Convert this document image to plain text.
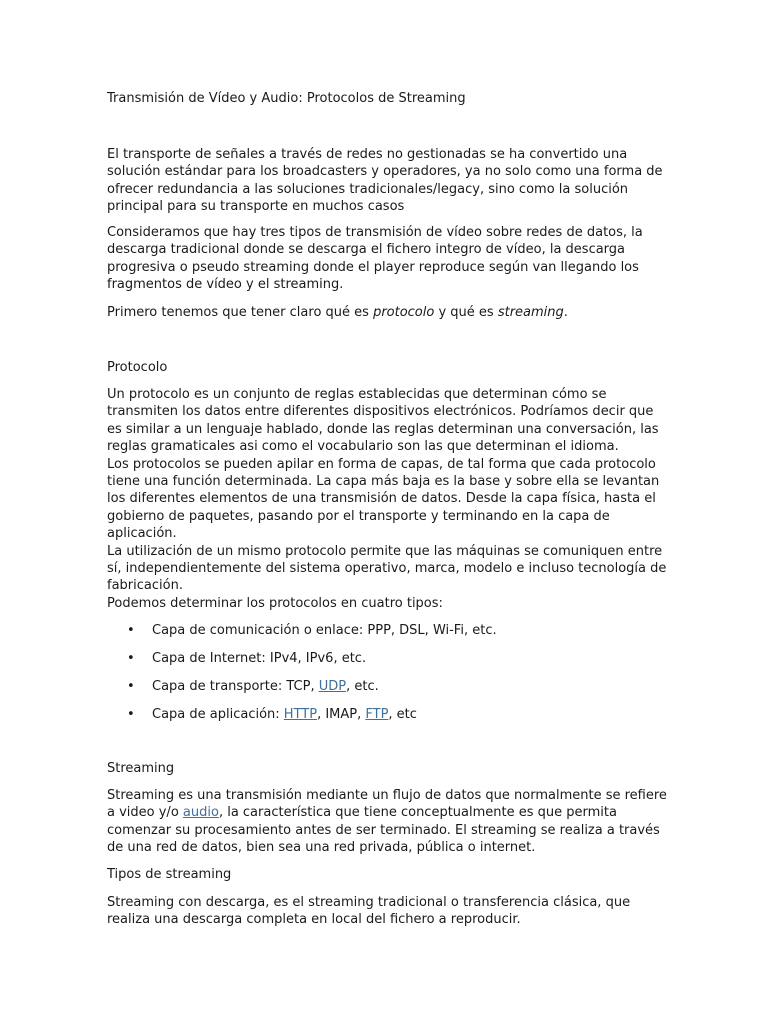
Transmisión de Vídeo y Audio: Protocolos de Streaming

El transporte de señales a través de redes no gestionadas se ha convertido una solución estándar para los broadcasters y operadores, ya no solo como una forma de ofrecer redundancia a las soluciones tradicionales/legacy, sino como la solución principal para su transporte en muchos casos

Consideramos que hay tres tipos de transmisión de vídeo sobre redes de datos, la descarga tradicional donde se descarga el fichero integro de vídeo, la descarga progresiva o pseudo streaming donde el player reproduce según van llegando los fragmentos de vídeo y el streaming.

Primero tenemos que tener claro qué es protocolo y qué es streaming.

Protocolo

Un protocolo es un conjunto de reglas establecidas que determinan cómo se transmiten los datos entre diferentes dispositivos electrónicos. Podríamos decir que es similar a un lenguaje hablado, donde las reglas determinan una conversación, las reglas gramaticales asi como el vocabulario son las que determinan el idioma.
Los protocolos se pueden apilar en forma de capas, de tal forma que cada protocolo tiene una función determinada. La capa más baja es la base y sobre ella se levantan los diferentes elementos de una transmisión de datos. Desde la capa física, hasta el gobierno de paquetes, pasando por el transporte y terminando en la capa de aplicación.
La utilización de un mismo protocolo permite que las máquinas se comuniquen entre sí, independientemente del sistema operativo, marca, modelo e incluso tecnología de fabricación.
Podemos determinar los protocolos en cuatro tipos:
• Capa de comunicación o enlace: PPP, DSL, Wi-Fi, etc.
• Capa de Internet: IPv4, IPv6, etc.
• Capa de transporte: TCP, UDP, etc.
• Capa de aplicación: HTTP, IMAP, FTP, etc

Streaming

Streaming es una transmisión mediante un flujo de datos que normalmente se refiere a video y/o audio, la característica que tiene conceptualmente es que permita comenzar su procesamiento antes de ser terminado. El streaming se realiza a través de una red de datos, bien sea una red privada, pública o internet.

Tipos de streaming

Streaming con descarga, es el streaming tradicional o transferencia clásica, que realiza una descarga completa en local del fichero a reproducir.
